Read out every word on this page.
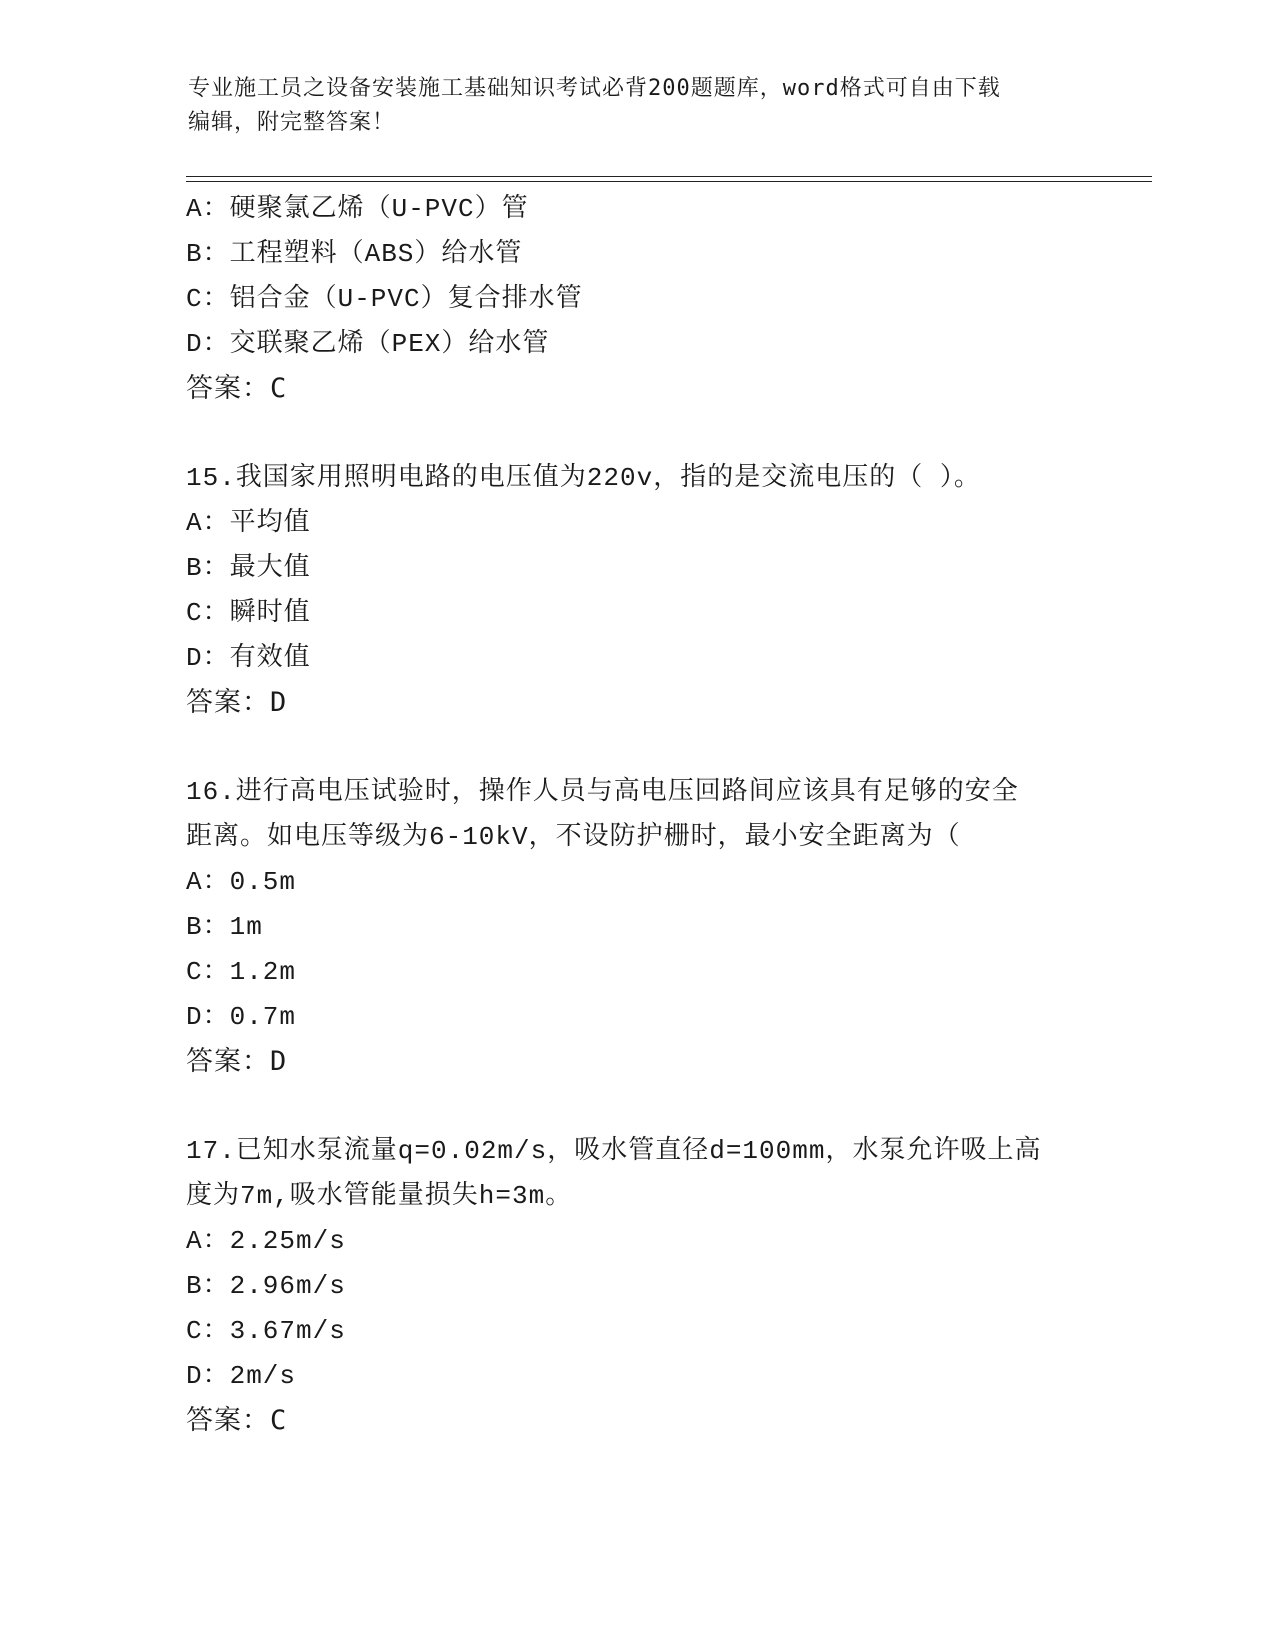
专业施工员之设备安装施工基础知识考试必背200题题库，word格式可自由下载
编辑，附完整答案！
A：硬聚氯乙烯（U-PVC）管
B：工程塑料（ABS）给水管
C：铝合金（U-PVC）复合排水管
D：交联聚乙烯（PEX）给水管
答案：C
15.我国家用照明电路的电压值为220v，指的是交流电压的（ ）。
A：平均值
B：最大值
C：瞬时值
D：有效值
答案：D
16.进行高电压试验时，操作人员与高电压回路间应该具有足够的安全
距离。如电压等级为6-10kV，不设防护栅时，最小安全距离为（
A：0.5m
B：1m
C：1.2m
D：0.7m
答案：D
17.已知水泵流量q=0.02m/s，吸水管直径d=100mm，水泵允许吸上高
度为7m,吸水管能量损失h=3m。
A：2.25m/s
B：2.96m/s
C：3.67m/s
D：2m/s
答案：C
